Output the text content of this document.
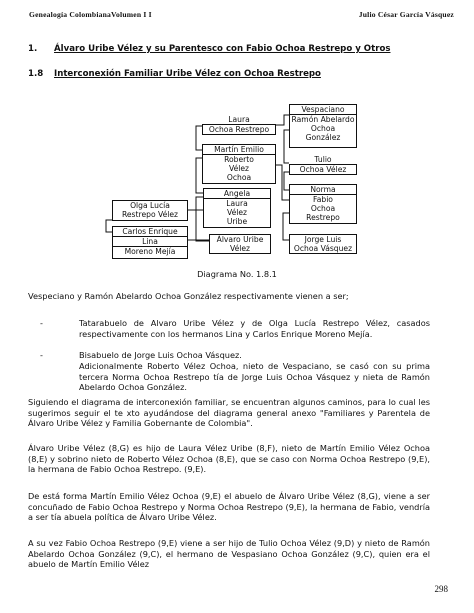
Genealogía ColombianaVolumen I I	Julio César García Vásquez
1. Álvaro Uribe Vélez y su Parentesco con Fabio Ochoa Restrepo y Otros
1.8 Interconexión Familiar Uribe Vélez con Ochoa Restrepo
Vespaciano
Ramón Abelardo
Ochoa
González
Laura
Ochoa Restrepo
Martín Emilio
Roberto
Vélez
Ochoa
Tulio
Ochoa Vélez
Angela
Laura
Vélez
Uribe
Norma
Fabio
Ochoa
Restrepo
Olga Lucía
Restrepo Vélez
Carlos Enrique
Lina
Moreno Mejía
Álvaro Uribe
Vélez
Jorge Luis
Ochoa Vásquez
Diagrama No. 1.8.1
Vespeciano y Ramón Abelardo Ochoa González respectivamente vienen a ser;
-	Tatarabuelo de Alvaro Uribe Vélez y de Olga Lucía Restrepo Vélez, casados respectivamente con los hermanos Lina y Carlos Enrique Moreno Mejía.
-	Bisabuelo de Jorge Luis Ochoa Vásquez.
Adicionalmente Roberto Vélez Ochoa, nieto de Vespaciano, se casó con su prima tercera Norma Ochoa Restrepo tía de Jorge Luis Ochoa Vásquez y nieta de Ramón Abelardo Ochoa González.
Siguiendo el diagrama de interconexión familiar, se encuentran algunos caminos, para lo cual les sugerimos seguir el te xto ayudándose del diagrama general anexo "Familiares y Parentela de Álvaro Uribe Vélez y Familia Gobernante de Colombia".
Álvaro Uribe Vélez (8,G) es hijo de Laura Vélez Uribe (8,F), nieto de Martín Emilio Vélez Ochoa (8,E) y sobrino nieto de Roberto Vélez Ochoa (8,E), que se caso con Norma Ochoa Restrepo (9,E), la hermana de Fabio Ochoa Restrepo. (9,E).
De está forma Martín Emilio Vélez Ochoa (9,E) el abuelo de Álvaro Uribe Vélez (8,G), viene a ser concuñado de Fabio Ochoa Restrepo y Norma Ochoa Restrepo (9,E), la hermana de Fabio, vendría a ser tía abuela política de Álvaro Uribe Vélez.
A su vez Fabio Ochoa Restrepo (9,E) viene a ser hijo de Tulio Ochoa Vélez (9,D) y nieto de Ramón Abelardo Ochoa González (9,C), el hermano de Vespasiano Ochoa González (9,C), quien era el abuelo de Martín Emilio Vélez
298
